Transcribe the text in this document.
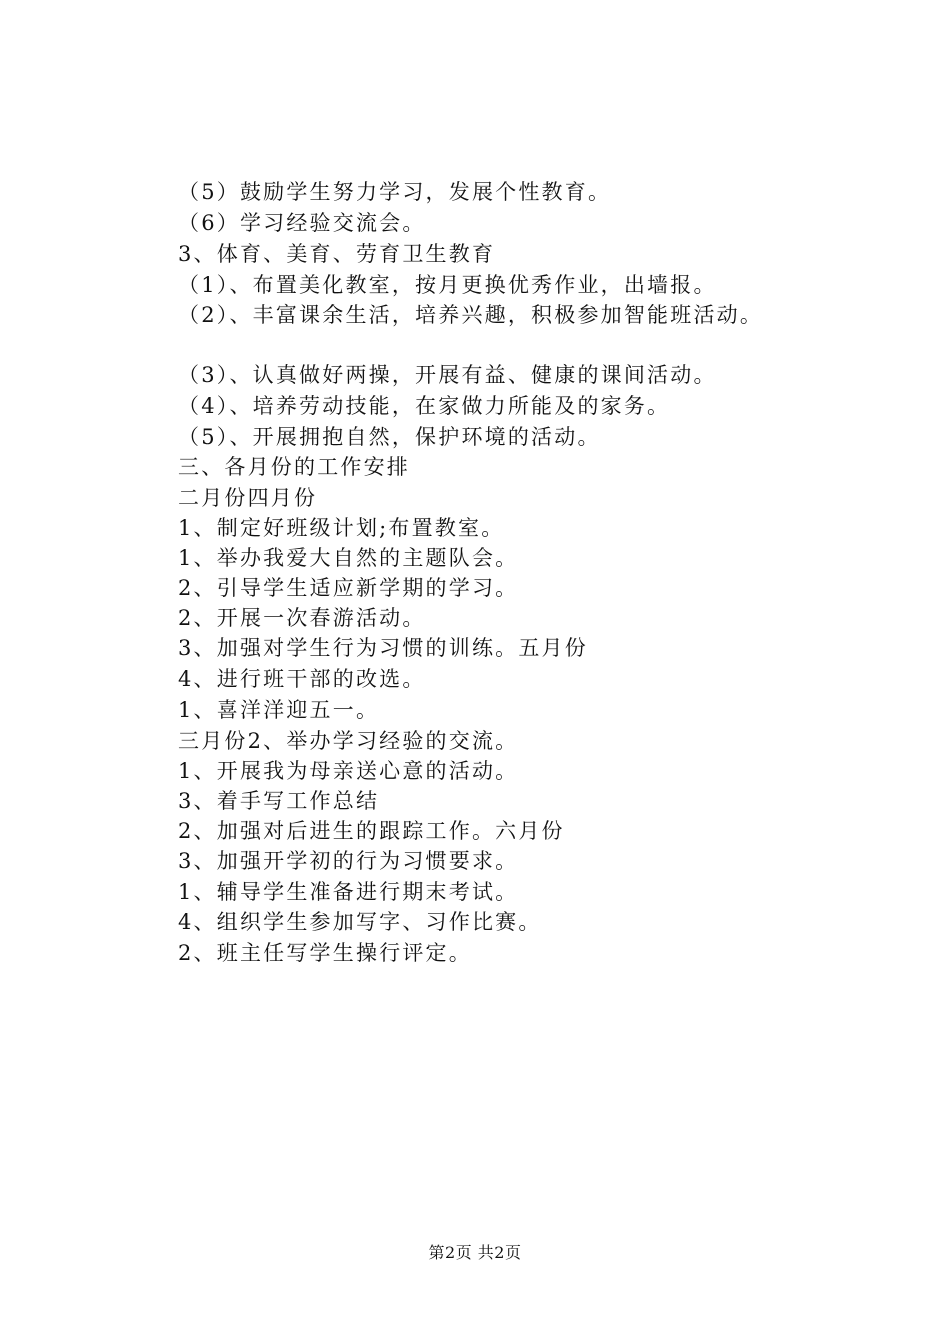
（5）鼓励学生努力学习，发展个性教育。
（6）学习经验交流会。
3、体育、美育、劳育卫生教育
（1）、布置美化教室，按月更换优秀作业，出墙报。
（2）、丰富课余生活，培养兴趣，积极参加智能班活动。
（3）、认真做好两操，开展有益、健康的课间活动。
（4）、培养劳动技能，在家做力所能及的家务。
（5）、开展拥抱自然，保护环境的活动。
三、各月份的工作安排
二月份四月份
1、制定好班级计划;布置教室。
1、举办我爱大自然的主题队会。
2、引导学生适应新学期的学习。
2、开展一次春游活动。
3、加强对学生行为习惯的训练。五月份
4、进行班干部的改选。
1、喜洋洋迎五一。
三月份2、举办学习经验的交流。
1、开展我为母亲送心意的活动。
3、着手写工作总结
2、加强对后进生的跟踪工作。六月份
3、加强开学初的行为习惯要求。
1、辅导学生准备进行期末考试。
4、组织学生参加写字、习作比赛。
2、班主任写学生操行评定。
第2页 共2页
